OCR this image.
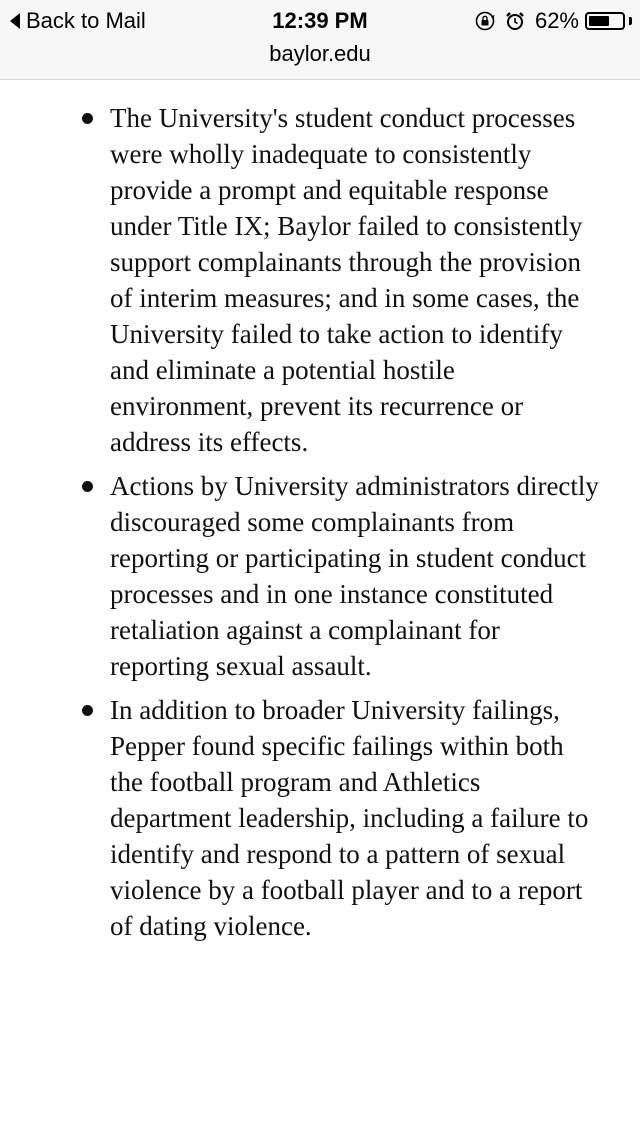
Back to Mail	12:39 PM
baylor.edu
62%
The University's student conduct processes were wholly inadequate to consistently provide a prompt and equitable response under Title IX; Baylor failed to consistently support complainants through the provision of interim measures; and in some cases, the University failed to take action to identify and eliminate a potential hostile environment, prevent its recurrence or address its effects.
Actions by University administrators directly discouraged some complainants from reporting or participating in student conduct processes and in one instance constituted retaliation against a complainant for reporting sexual assault.
In addition to broader University failings, Pepper found specific failings within both the football program and Athletics department leadership, including a failure to identify and respond to a pattern of sexual violence by a football player and to a report of dating violence.
